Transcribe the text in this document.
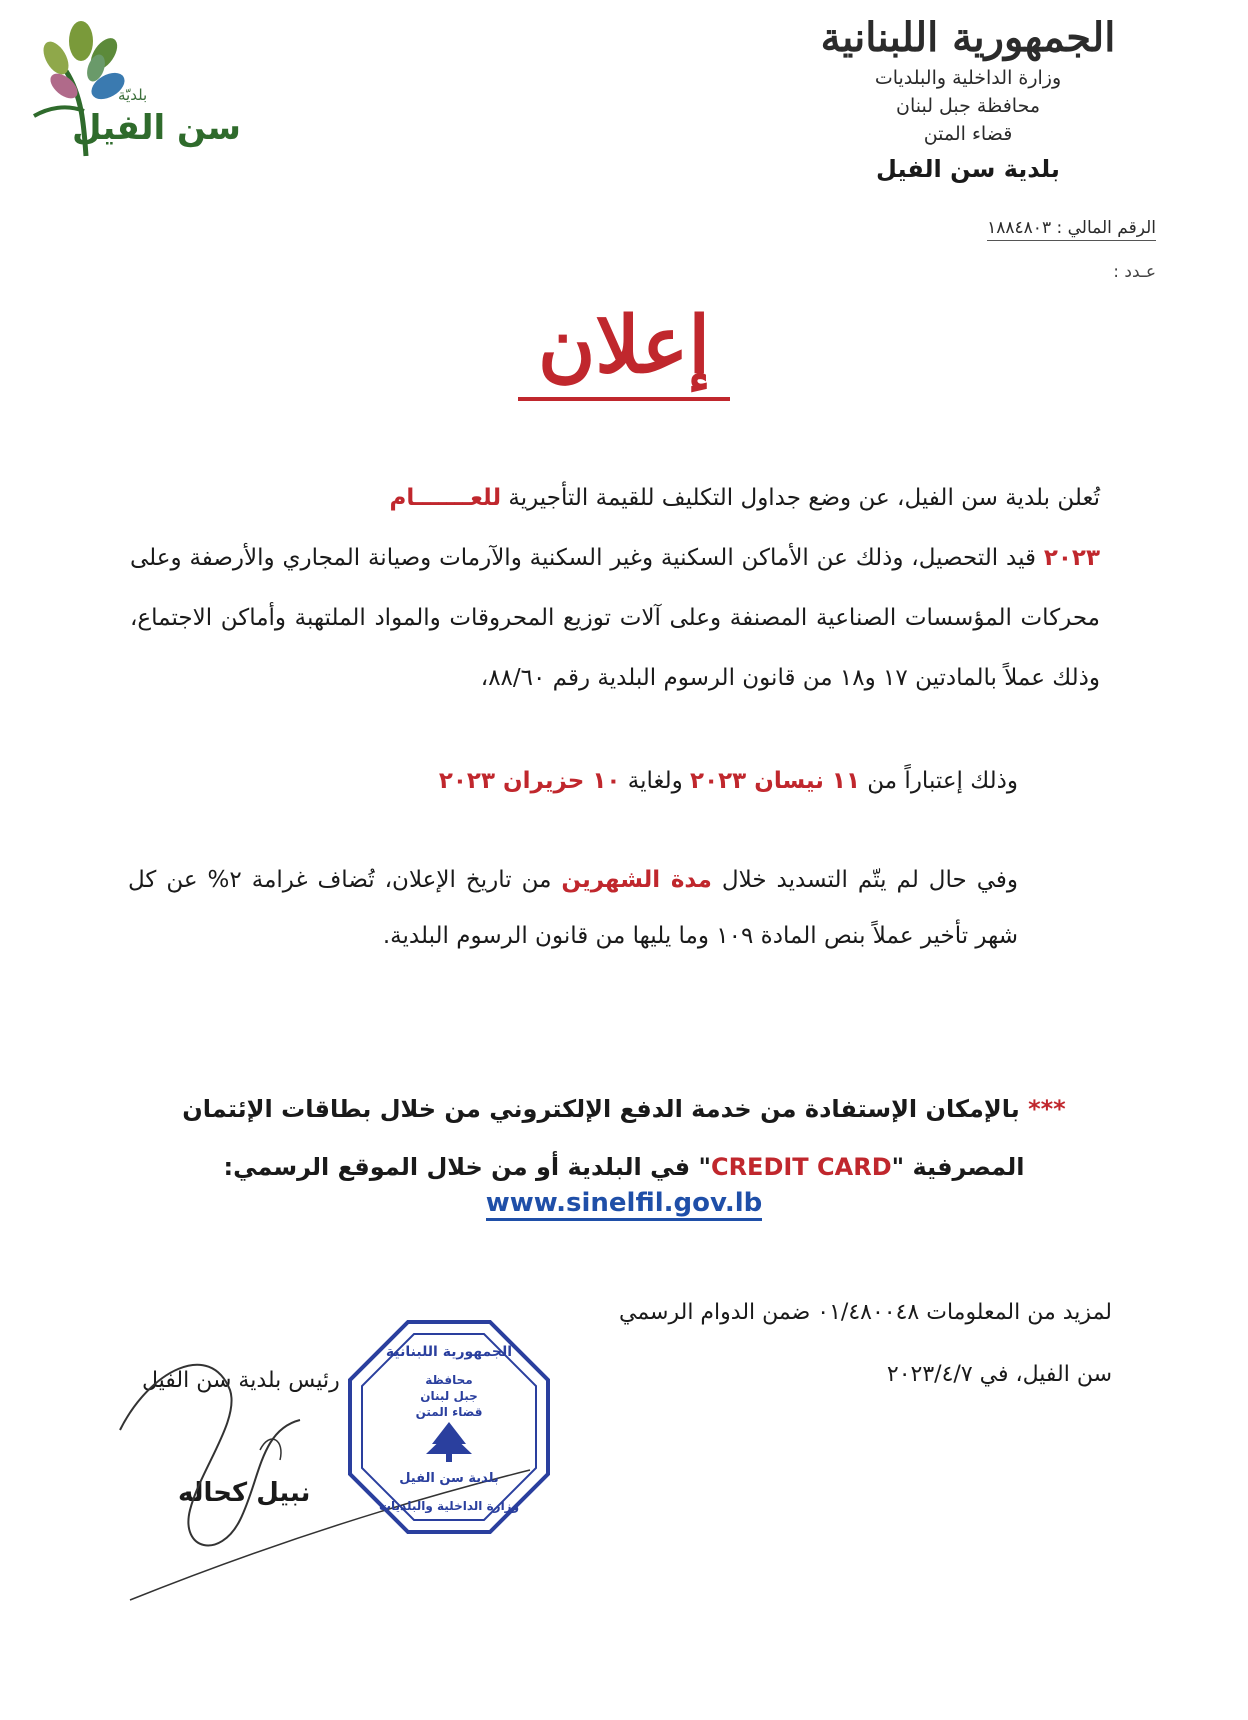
بلديّة
سن الفيل
الجمهورية اللبنانية
وزارة الداخلية والبلديات
محافظة جبل لبنان
قضاء المتن
بلدية سن الفيل
الرقم المالي : ١٨٨٤٨٠٣
عـدد :
إعلان
تُعلن بلدية سن الفيل، عن وضع جداول التكليف للقيمة التأجيرية للعـــــــام
٢٠٢٣ قيد التحصيل، وذلك عن الأماكن السكنية وغير السكنية والآرمات وصيانة المجاري والأرصفة وعلى محركات المؤسسات الصناعية المصنفة وعلى آلات توزيع المحروقات والمواد الملتهبة وأماكن الاجتماع، وذلك عملاً بالمادتين ١٧ و١٨ من قانون الرسوم البلدية رقم ٨٨/٦٠،
وذلك إعتباراً من ١١ نيسان ٢٠٢٣ ولغاية ١٠ حزيران ٢٠٢٣
وفي حال لم يتّم التسديد خلال مدة الشهرين من تاريخ الإعلان، تُضاف غرامة ٢% عن كل شهر تأخير عملاً بنص المادة ١٠٩ وما يليها من قانون الرسوم البلدية.
*** بالإمكان الإستفادة من خدمة الدفع الإلكتروني من خلال بطاقات الإئتمان
المصرفية "CREDIT CARD" في البلدية أو من خلال الموقع الرسمي:
www.sinelfil.gov.lb
لمزيد من المعلومات ٠١/٤٨٠٠٤٨ ضمن الدوام الرسمي
سن الفيل، في ٢٠٢٣/٤/٧
رئيس بلدية سن الفيل
نبيل كحاله
الجمهورية اللبنانية
محافظة
جبل لبنان
قضاء المتن
بلدية سن الفيل
وزارة الداخلية والبلديات
